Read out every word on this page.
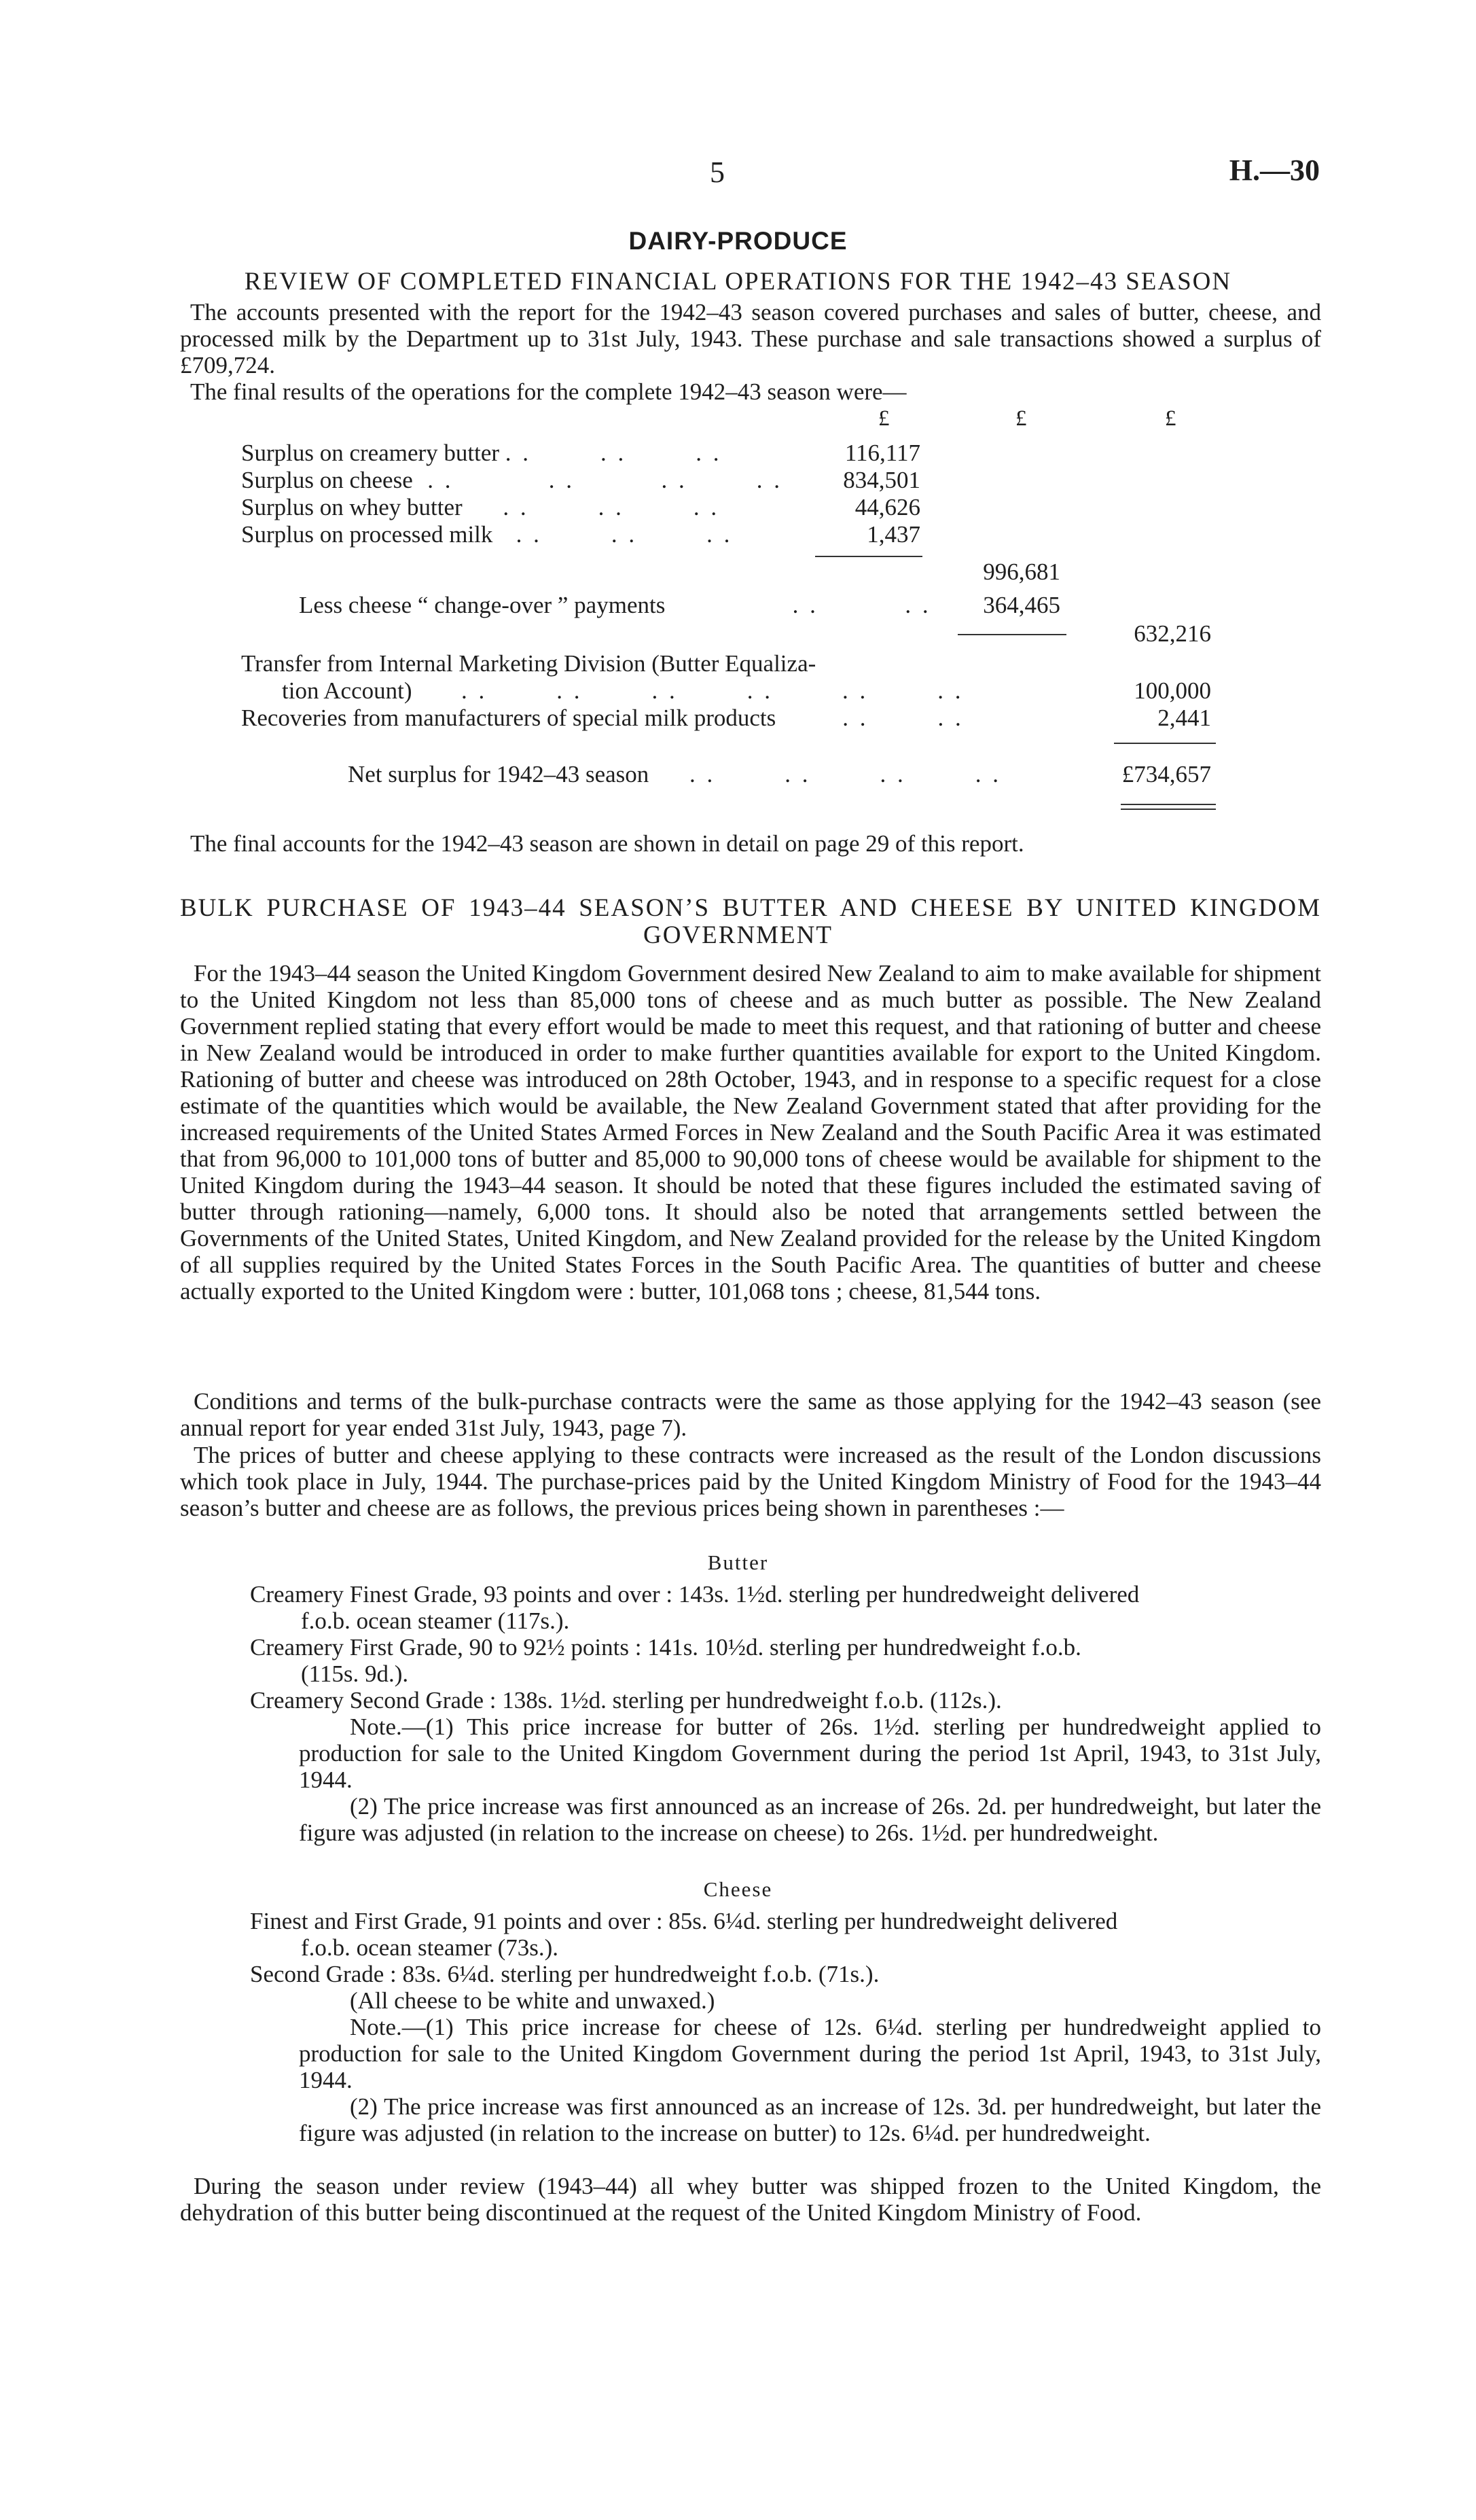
5	H.—30
DAIRY-PRODUCE
REVIEW OF COMPLETED FINANCIAL OPERATIONS FOR THE 1942–43 SEASON

The accounts presented with the report for the 1942–43 season covered purchases and sales of butter, cheese, and processed milk by the Department up to 31st July, 1943. These purchase and sale transactions showed a surplus of £709,724.

The final results of the operations for the complete 1942–43 season were—

£	£	£
Surplus on creamery butter . .        . .        . .	116,117
Surplus on cheese  . .           . .          . .        . .	834,501
Surplus on whey butter     . .        . .        . .	44,626
Surplus on processed milk   . .        . .        . .	1,437
996,681
Less cheese “ change-over ” payments               . .          . . 364,465
632,216
Transfer from Internal Marketing Division (Butter Equaliza-
tion Account)      . .        . .        . .        . .        . .        . .	100,000
Recoveries from manufacturers of special milk products        . .        . .	2,441
Net surplus for 1942–43 season     . .        . .        . .        . .	£734,657

The final accounts for the 1942–43 season are shown in detail on page 29 of this report.

BULK PURCHASE OF 1943–44 SEASON’S BUTTER AND CHEESE BY UNITED KINGDOM
GOVERNMENT

For the 1943–44 season the United Kingdom Government desired New Zealand to aim to make available for shipment to the United Kingdom not less than 85,000 tons of cheese and as much butter as possible. The New Zealand Government replied stating that every effort would be made to meet this request, and that rationing of butter and cheese in New Zealand would be introduced in order to make further quantities available for export to the United Kingdom. Rationing of butter and cheese was introduced on 28th October, 1943, and in response to a specific request for a close estimate of the quantities which would be available, the New Zealand Government stated that after providing for the increased requirements of the United States Armed Forces in New Zealand and the South Pacific Area it was estimated that from 96,000 to 101,000 tons of butter and 85,000 to 90,000 tons of cheese would be available for shipment to the United Kingdom during the 1943–44 season. It should be noted that these figures included the estimated saving of butter through rationing—namely, 6,000 tons. It should also be noted that arrangements settled between the Governments of the United States, United Kingdom, and New Zealand provided for the release by the United Kingdom of all supplies required by the United States Forces in the South Pacific Area. The quantities of butter and cheese actually exported to the United Kingdom were : butter, 101,068 tons ; cheese, 81,544 tons.

Conditions and terms of the bulk-purchase contracts were the same as those applying for the 1942–43 season (see annual report for year ended 31st July, 1943, page 7).

The prices of butter and cheese applying to these contracts were increased as the result of the London discussions which took place in July, 1944. The purchase-prices paid by the United Kingdom Ministry of Food for the 1943–44 season’s butter and cheese are as follows, the previous prices being shown in parentheses :—

Butter

Creamery Finest Grade, 93 points and over : 143s. 1½d. sterling per hundredweight delivered
f.o.b. ocean steamer (117s.).

Creamery First Grade, 90 to 92½ points : 141s. 10½d. sterling per hundredweight f.o.b.
(115s. 9d.).

Creamery Second Grade : 138s. 1½d. sterling per hundredweight f.o.b. (112s.).

Note.—(1) This price increase for butter of 26s. 1½d. sterling per hundredweight applied to production for sale to the United Kingdom Government during the period 1st April, 1943, to 31st July, 1944.

(2) The price increase was first announced as an increase of 26s. 2d. per hundredweight, but later the figure was adjusted (in relation to the increase on cheese) to 26s. 1½d. per hundredweight.

Cheese

Finest and First Grade, 91 points and over : 85s. 6¼d. sterling per hundredweight delivered
f.o.b. ocean steamer (73s.).

Second Grade : 83s. 6¼d. sterling per hundredweight f.o.b. (71s.).

(All cheese to be white and unwaxed.)

Note.—(1) This price increase for cheese of 12s. 6¼d. sterling per hundredweight applied to production for sale to the United Kingdom Government during the period 1st April, 1943, to 31st July, 1944.

(2) The price increase was first announced as an increase of 12s. 3d. per hundredweight, but later the figure was adjusted (in relation to the increase on butter) to 12s. 6¼d. per hundredweight.

During the season under review (1943–44) all whey butter was shipped frozen to the United Kingdom, the dehydration of this butter being discontinued at the request of the United Kingdom Ministry of Food.
